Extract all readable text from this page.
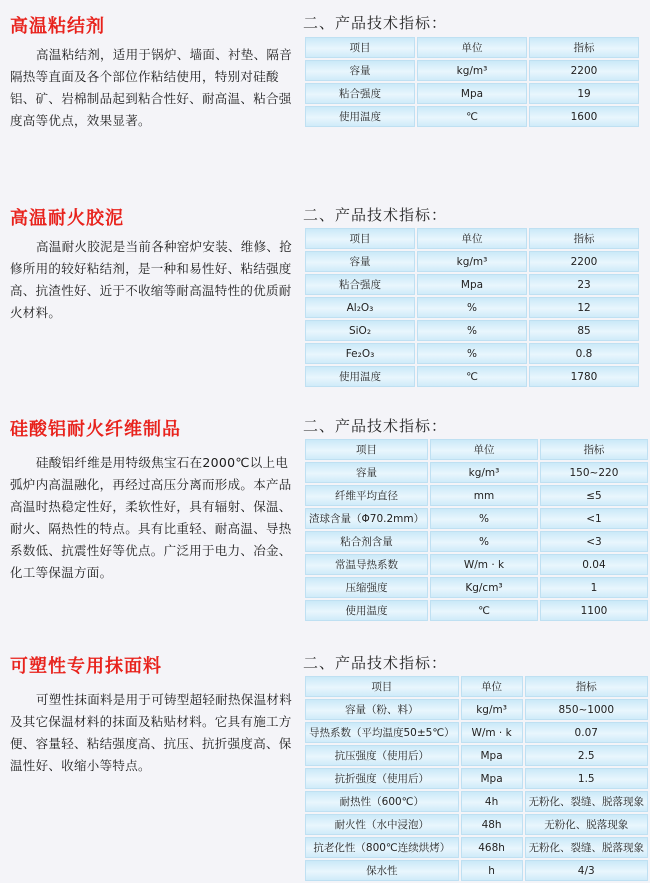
高温粘结剂
高温粘结剂，适用于锅炉、墙面、衬垫、隔音隔热等直面及各个部位作粘结使用，特别对硅酸铝、矿、岩棉制品起到粘合性好、耐高温、粘合强度高等优点，效果显著。
二、产品技术指标：
项目	单位	指标
容量	kg/m³	2200
粘合强度	Mpa	19
使用温度	℃	1600
高温耐火胶泥
高温耐火胶泥是当前各种窑炉安装、维修、抢修所用的较好粘结剂，是一种和易性好、粘结强度高、抗渣性好、近于不收缩等耐高温特性的优质耐火材料。
二、产品技术指标：
项目	单位	指标
容量	kg/m³	2200
粘合强度	Mpa	23
Al₂O₃	%	12
SiO₂	%	85
Fe₂O₃	%	0.8
使用温度	℃	1780
硅酸铝耐火纤维制品
硅酸铝纤维是用特级焦宝石在2000℃以上电弧炉内高温融化，再经过高压分离而形成。本产品高温时热稳定性好，柔软性好，具有辐射、保温、耐火、隔热性的特点。具有比重轻、耐高温、导热系数低、抗震性好等优点。广泛用于电力、冶金、化工等保温方面。
二、产品技术指标：
项目	单位	指标
容量	kg/m³	150~220
纤维平均直径	mm	≤5
渣球含量（Φ70.2mm）	%	<1
粘合剂含量	%	<3
常温导热系数	W/m · k	0.04
压缩强度	Kg/cm³	1
使用温度	℃	1100
可塑性专用抹面料
可塑性抹面料是用于可铸型超轻耐热保温材料及其它保温材料的抹面及粘贴材料。它具有施工方便、容量轻、粘结强度高、抗压、抗折强度高、保温性好、收缩小等特点。
二、产品技术指标：
项目	单位	指标
容量（粉、料）	kg/m³	850~1000
导热系数（平均温度50±5℃）	W/m · k	0.07
抗压强度（使用后）	Mpa	2.5
抗折强度（使用后）	Mpa	1.5
耐热性（600℃）	4h	无粉化、裂缝、脱落现象
耐火性（水中浸泡）	48h	无粉化、脱落现象
抗老化性（800℃连续烘烤）	468h	无粉化、裂缝、脱落现象
保水性	h	4/3
